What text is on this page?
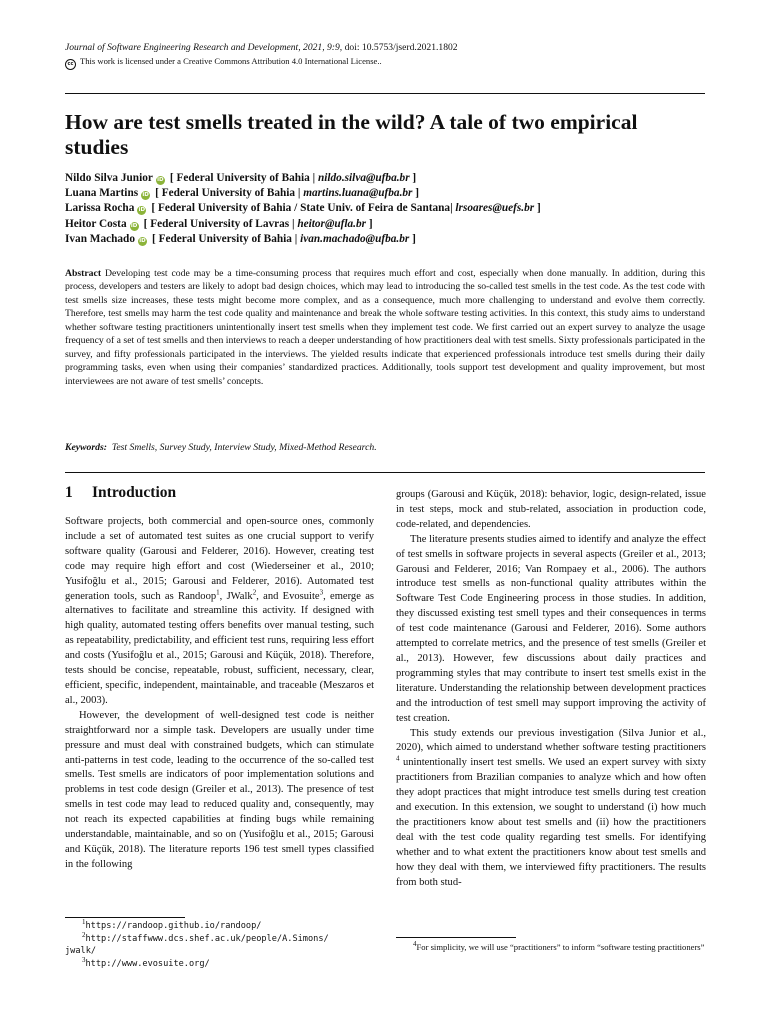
Journal of Software Engineering Research and Development, 2021, 9:9, doi: 10.5753/jserd.2021.1802
cc This work is licensed under a Creative Commons Attribution 4.0 International License..
How are test smells treated in the wild? A tale of two empirical studies
Nildo Silva Junior iD [ Federal University of Bahia | nildo.silva@ufba.br ]
Luana Martins iD [ Federal University of Bahia | martins.luana@ufba.br ]
Larissa Rocha iD [ Federal University of Bahia / State Univ. of Feira de Santana| lrsoares@uefs.br ]
Heitor Costa iD [ Federal University of Lavras | heitor@ufla.br ]
Ivan Machado iD [ Federal University of Bahia | ivan.machado@ufba.br ]
Abstract Developing test code may be a time-consuming process that requires much effort and cost, especially when done manually. In addition, during this process, developers and testers are likely to adopt bad design choices, which may lead to introducing the so-called test smells in the test code. As the test code with test smells size increases, these tests might become more complex, and as a consequence, much more challenging to understand and evolve them correctly. Therefore, test smells may harm the test code quality and maintenance and break the whole software testing activities. In this context, this study aims to understand whether software testing practitioners unintentionally insert test smells when they implement test code. We first carried out an expert survey to analyze the usage frequency of a set of test smells and then interviews to reach a deeper understanding of how practitioners deal with test smells. Sixty professionals participated in the survey, and fifty professionals participated in the interviews. The yielded results indicate that experienced professionals introduce test smells during their daily programming tasks, even when using their companies’ standardized practices. Additionally, tools support test development and quality improvement, but most interviewees are not aware of test smells’ concepts.
Keywords: Test Smells, Survey Study, Interview Study, Mixed-Method Research.
1 Introduction

Software projects, both commercial and open-source ones, commonly include a set of automated test suites as one crucial support to verify software quality (Garousi and Felderer, 2016). However, creating test code may require high effort and cost (Wiederseiner et al., 2010; Yusifoğlu et al., 2015; Garousi and Felderer, 2016). Automated test generation tools, such as Randoop$^1$, JWalk$^2$, and Evosuite$^3$, emerge as alternatives to facilitate and streamline this activity. If designed with high quality, automated testing offers benefits over manual testing, such as repeatability, predictability, and efficient test runs, requiring less effort and costs (Yusifoğlu et al., 2015; Garousi and Küçük, 2018). Therefore, tests should be concise, repeatable, robust, sufficient, necessary, clear, efficient, specific, independent, maintainable, and traceable (Meszaros et al., 2003).

However, the development of well-designed test code is neither straightforward nor a simple task. Developers are usually under time pressure and must deal with constrained budgets, which can stimulate anti-patterns in test code, leading to the occurrence of the so-called test smells. Test smells are indicators of poor implementation solutions and problems in test code design (Greiler et al., 2013). The presence of test smells in test code may lead to reduced quality and, consequently, may not reach its expected capabilities at finding bugs while remaining understandable, maintainable, and so on (Yusifoğlu et al., 2015; Garousi and Küçük, 2018). The literature reports 196 test smell types classified in the following

groups (Garousi and Küçük, 2018): behavior, logic, design-related, issue in test steps, mock and stub-related, association in production code, code-related, and dependencies.

The literature presents studies aimed to identify and analyze the effect of test smells in software projects in several aspects (Greiler et al., 2013; Garousi and Felderer, 2016; Van Rompaey et al., 2006). The authors introduce test smells as non-functional quality attributes within the Software Test Code Engineering process in those studies. In addition, they discussed existing test smell types and their consequences in terms of test code maintenance (Garousi and Felderer, 2016). Some authors attempted to correlate metrics, and the presence of test smells (Greiler et al., 2013). However, few discussions about daily practices and programming styles that may contribute to insert test smells exist in the literature. Understanding the relationship between development practices and the introduction of test smell may support improving the activity of test creation.

This study extends our previous investigation (Silva Junior et al., 2020), which aimed to understand whether software testing practitioners $^4$ unintentionally insert test smells. We used an expert survey with sixty practitioners from Brazilian companies to analyze which and how often they adopt practices that might introduce test smells during test creation and execution. In this extension, we sought to understand (i) how much the practitioners know about test smells and (ii) how the practitioners deal with the test code quality regarding test smells. For identifying whether and to what extent the practitioners know about test smells and how they deal with them, we interviewed fifty practitioners. The results from both stud-

$^1$https://randoop.github.io/randoop/
$^2$http://staffwww.dcs.shef.ac.uk/people/A.Simons/
jwalk/
$^3$http://www.evosuite.org/
$^4$For simplicity, we will use “practitioners” to inform “software testing practitioners”
